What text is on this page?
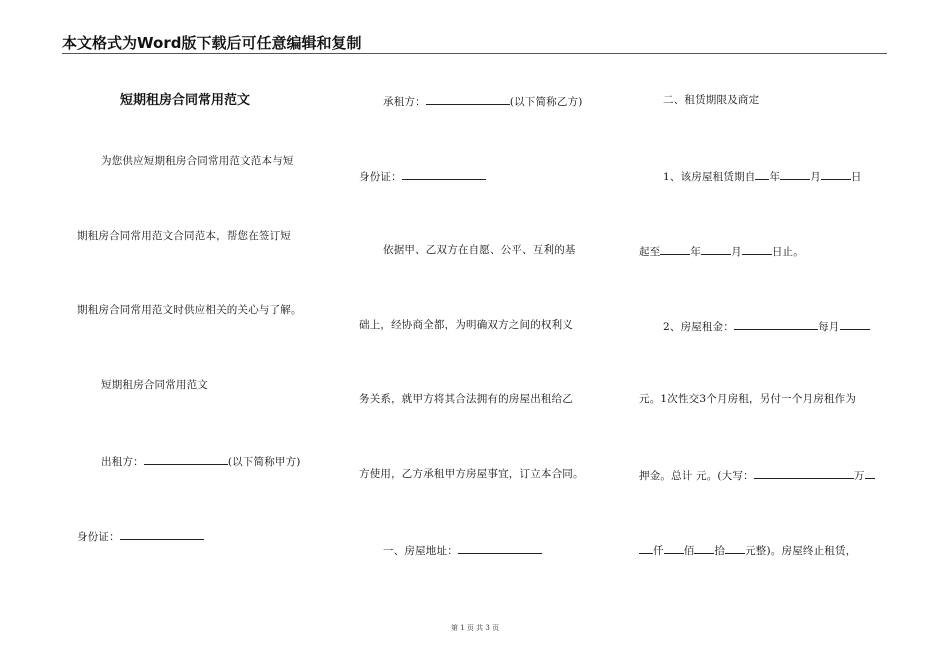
本文格式为Word版下载后可任意编辑和复制
短期租房合同常用范文
为您供应短期租房合同常用范文范本与短
期租房合同常用范文合同范本，帮您在签订短
期租房合同常用范文时供应相关的关心与了解。
短期租房合同常用范文
出租方：	(以下简称甲方)
身份证：
承租方：	(以下简称乙方)
身份证：
依据甲、乙双方在自愿、公平、互利的基
础上，经协商全都，为明确双方之间的权利义
务关系，就甲方将其合法拥有的房屋出租给乙
方使用，乙方承租甲方房屋事宜，订立本合同。
一、房屋地址：
二、租赁期限及商定
1、该房屋租赁期自 年	月	日
起至	年	月	日止。
2、房屋租金：	每月
元。1次性交3个月房租，另付一个月房租作为
押金。总计 元。(大写：	万
仟 佰 拾 元整)。房屋终止租赁，
第 1 页 共 3 页
